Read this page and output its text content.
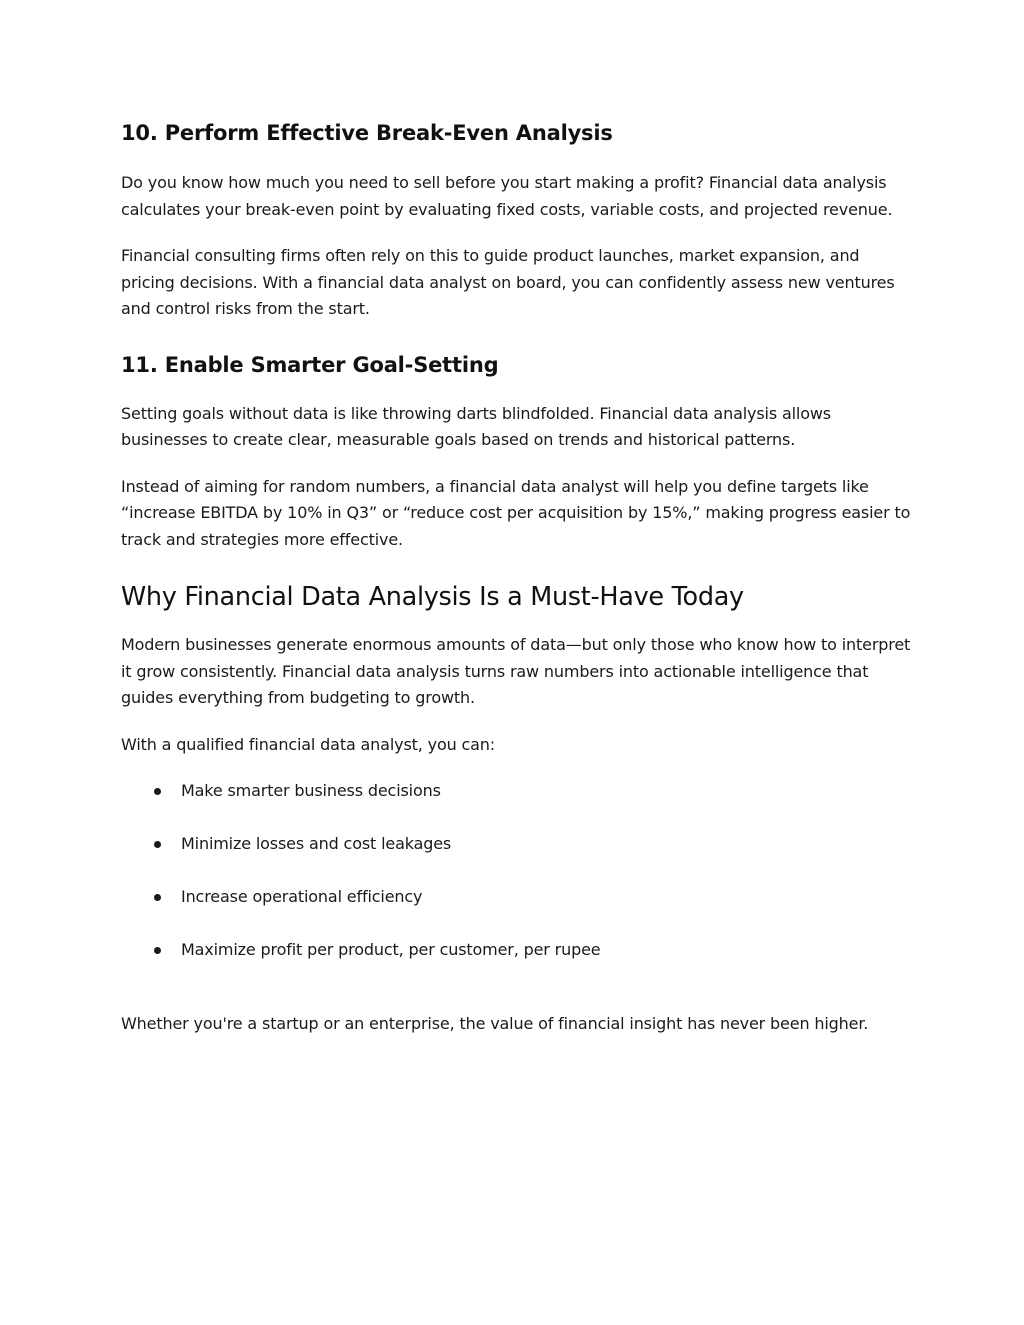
10. Perform Effective Break-Even Analysis

Do you know how much you need to sell before you start making a profit? Financial data analysis calculates your break-even point by evaluating fixed costs, variable costs, and projected revenue.

Financial consulting firms often rely on this to guide product launches, market expansion, and pricing decisions. With a financial data analyst on board, you can confidently assess new ventures and control risks from the start.

11. Enable Smarter Goal-Setting

Setting goals without data is like throwing darts blindfolded. Financial data analysis allows businesses to create clear, measurable goals based on trends and historical patterns.

Instead of aiming for random numbers, a financial data analyst will help you define targets like “increase EBITDA by 10% in Q3” or “reduce cost per acquisition by 15%,” making progress easier to track and strategies more effective.

Why Financial Data Analysis Is a Must-Have Today

Modern businesses generate enormous amounts of data—but only those who know how to interpret it grow consistently. Financial data analysis turns raw numbers into actionable intelligence that guides everything from budgeting to growth.

With a qualified financial data analyst, you can:

Make smarter business decisions
Minimize losses and cost leakages
Increase operational efficiency
Maximize profit per product, per customer, per rupee

Whether you're a startup or an enterprise, the value of financial insight has never been higher.
